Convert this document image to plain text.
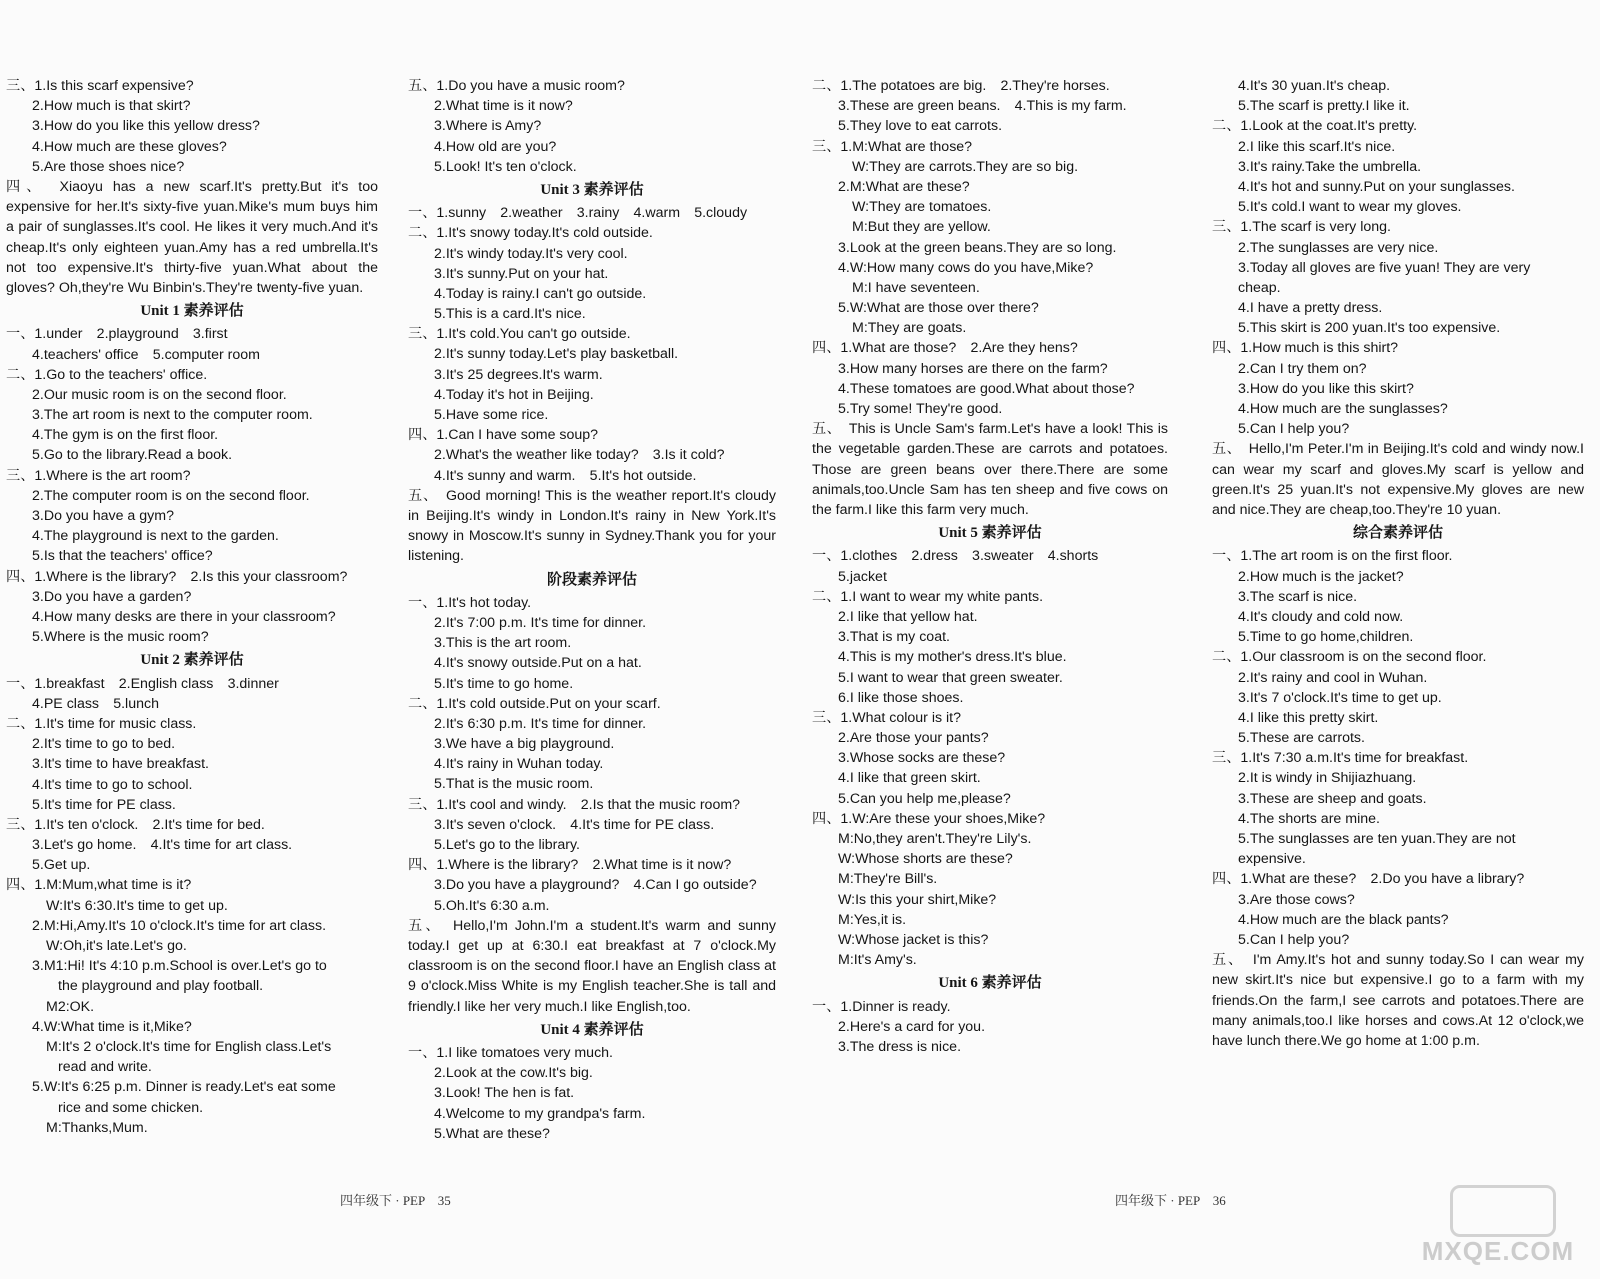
三、1.Is this scarf expensive?
2.How much is that skirt?
3.How do you like this yellow dress?
4.How much are these gloves?
5.Are those shoes nice?
四、　Xiaoyu has a new scarf.It's pretty.But it's too expensive for her.It's sixty-five yuan.Mike's mum buys him a pair of sunglasses.It's cool. He likes it very much.And it's cheap.It's only eighteen yuan.Amy has a red umbrella.It's not too expensive.It's thirty-five yuan.What about the gloves? Oh,they're Wu Binbin's.They're twenty-five yuan.
Unit 1 素养评估
一、1.under　2.playground　3.first
4.teachers' office　5.computer room
二、1.Go to the teachers' office.
2.Our music room is on the second floor.
3.The art room is next to the computer room.
4.The gym is on the first floor.
5.Go to the library.Read a book.
三、1.Where is the art room?
2.The computer room is on the second floor.
3.Do you have a gym?
4.The playground is next to the garden.
5.Is that the teachers' office?
四、1.Where is the library?　2.Is this your classroom?
3.Do you have a garden?
4.How many desks are there in your classroom?
5.Where is the music room?
Unit 2 素养评估
一、1.breakfast　2.English class　3.dinner
4.PE class　5.lunch
二、1.It's time for music class.
2.It's time to go to bed.
3.It's time to have breakfast.
4.It's time to go to school.
5.It's time for PE class.
三、1.It's ten o'clock.　2.It's time for bed.
3.Let's go home.　4.It's time for art class.
5.Get up.
四、1.M:Mum,what time is it?
W:It's 6:30.It's time to get up.
2.M:Hi,Amy.It's 10 o'clock.It's time for art class.
W:Oh,it's late.Let's go.
3.M1:Hi! It's 4:10 p.m.School is over.Let's go to
the playground and play football.
M2:OK.
4.W:What time is it,Mike?
M:It's 2 o'clock.It's time for English class.Let's
read and write.
5.W:It's 6:25 p.m. Dinner is ready.Let's eat some
rice and some chicken.
M:Thanks,Mum.
五、1.Do you have a music room?
2.What time is it now?
3.Where is Amy?
4.How old are you?
5.Look! It's ten o'clock.
Unit 3 素养评估
一、1.sunny　2.weather　3.rainy　4.warm　5.cloudy
二、1.It's snowy today.It's cold outside.
2.It's windy today.It's very cool.
3.It's sunny.Put on your hat.
4.Today is rainy.I can't go outside.
5.This is a card.It's nice.
三、1.It's cold.You can't go outside.
2.It's sunny today.Let's play basketball.
3.It's 25 degrees.It's warm.
4.Today it's hot in Beijing.
5.Have some rice.
四、1.Can I have some soup?
2.What's the weather like today?　3.Is it cold?
4.It's sunny and warm.　5.It's hot outside.
五、　Good morning! This is the weather report.It's cloudy in Beijing.It's windy in London.It's rainy in New York.It's snowy in Moscow.It's sunny in Sydney.Thank you for your listening.
阶段素养评估
一、1.It's hot today.
2.It's 7:00 p.m. It's time for dinner.
3.This is the art room.
4.It's snowy outside.Put on a hat.
5.It's time to go home.
二、1.It's cold outside.Put on your scarf.
2.It's 6:30 p.m. It's time for dinner.
3.We have a big playground.
4.It's rainy in Wuhan today.
5.That is the music room.
三、1.It's cool and windy.　2.Is that the music room?
3.It's seven o'clock.　4.It's time for PE class.
5.Let's go to the library.
四、1.Where is the library?　2.What time is it now?
3.Do you have a playground?　4.Can I go outside?
5.Oh.It's 6:30 a.m.
五、　Hello,I'm John.I'm a student.It's warm and sunny today.I get up at 6:30.I eat breakfast at 7 o'clock.My classroom is on the second floor.I have an English class at 9 o'clock.Miss White is my English teacher.She is tall and friendly.I like her very much.I like English,too.
Unit 4 素养评估
一、1.I like tomatoes very much.
2.Look at the cow.It's big.
3.Look! The hen is fat.
4.Welcome to my grandpa's farm.
5.What are these?
二、1.The potatoes are big.　2.They're horses.
3.These are green beans.　4.This is my farm.
5.They love to eat carrots.
三、1.M:What are those?
W:They are carrots.They are so big.
2.M:What are these?
W:They are tomatoes.
M:But they are yellow.
3.Look at the green beans.They are so long.
4.W:How many cows do you have,Mike?
M:I have seventeen.
5.W:What are those over there?
M:They are goats.
四、1.What are those?　2.Are they hens?
3.How many horses are there on the farm?
4.These tomatoes are good.What about those?
5.Try some! They're good.
五、　This is Uncle Sam's farm.Let's have a look! This is the vegetable garden.These are carrots and potatoes. Those are green beans over there.There are some animals,too.Uncle Sam has ten sheep and five cows on the farm.I like this farm very much.
Unit 5 素养评估
一、1.clothes　2.dress　3.sweater　4.shorts
5.jacket
二、1.I want to wear my white pants.
2.I like that yellow hat.
3.That is my coat.
4.This is my mother's dress.It's blue.
5.I want to wear that green sweater.
6.I like those shoes.
三、1.What colour is it?
2.Are those your pants?
3.Whose socks are these?
4.I like that green skirt.
5.Can you help me,please?
四、1.W:Are these your shoes,Mike?
M:No,they aren't.They're Lily's.
W:Whose shorts are these?
M:They're Bill's.
W:Is this your shirt,Mike?
M:Yes,it is.
W:Whose jacket is this?
M:It's Amy's.
Unit 6 素养评估
一、1.Dinner is ready.
2.Here's a card for you.
3.The dress is nice.
4.It's 30 yuan.It's cheap.
5.The scarf is pretty.I like it.
二、1.Look at the coat.It's pretty.
2.I like this scarf.It's nice.
3.It's rainy.Take the umbrella.
4.It's hot and sunny.Put on your sunglasses.
5.It's cold.I want to wear my gloves.
三、1.The scarf is very long.
2.The sunglasses are very nice.
3.Today all gloves are five yuan! They are very
cheap.
4.I have a pretty dress.
5.This skirt is 200 yuan.It's too expensive.
四、1.How much is this shirt?
2.Can I try them on?
3.How do you like this skirt?
4.How much are the sunglasses?
5.Can I help you?
五、　Hello,I'm Peter.I'm in Beijing.It's cold and windy now.I can wear my scarf and gloves.My scarf is yellow and green.It's 25 yuan.It's not expensive.My gloves are new and nice.They are cheap,too.They're 10 yuan.
综合素养评估
一、1.The art room is on the first floor.
2.How much is the jacket?
3.The scarf is nice.
4.It's cloudy and cold now.
5.Time to go home,children.
二、1.Our classroom is on the second floor.
2.It's rainy and cool in Wuhan.
3.It's 7 o'clock.It's time to get up.
4.I like this pretty skirt.
5.These are carrots.
三、1.It's 7:30 a.m.It's time for breakfast.
2.It is windy in Shijiazhuang.
3.These are sheep and goats.
4.The shorts are mine.
5.The sunglasses are ten yuan.They are not
expensive.
四、1.What are these?　2.Do you have a library?
3.Are those cows?
4.How much are the black pants?
5.Can I help you?
五、　I'm Amy.It's hot and sunny today.So I can wear my new skirt.It's nice but expensive.I go to a farm with my friends.On the farm,I see carrots and potatoes.There are many animals,too.I like horses and cows.At 12 o'clock,we have lunch there.We go home at 1:00 p.m.
四年级下 · PEP　35	四年级下 · PEP　36
MXQE.COM
